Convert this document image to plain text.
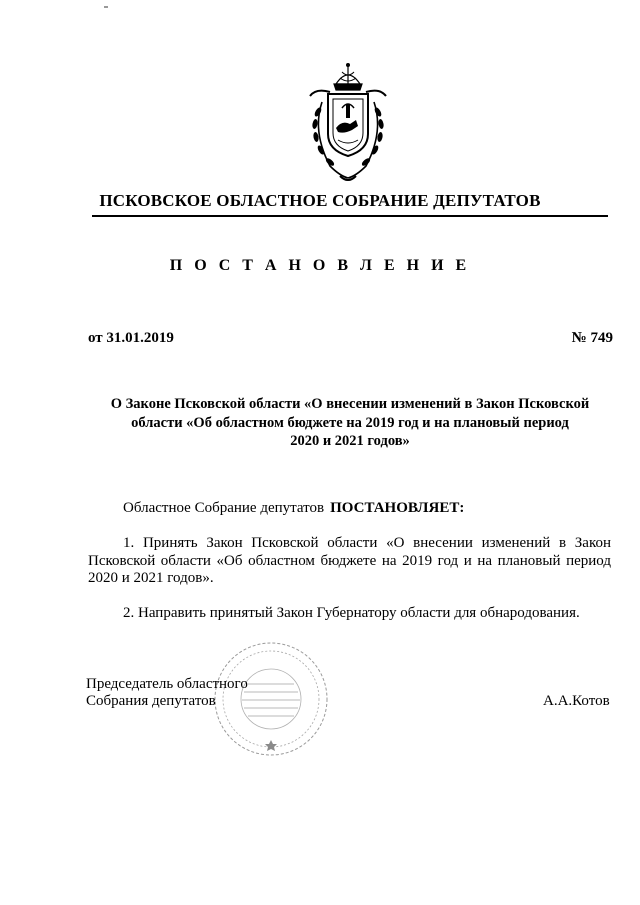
ПСКОВСКОЕ ОБЛАСТНОЕ СОБРАНИЕ ДЕПУТАТОВ
П О С Т А Н О В Л Е Н И Е
от 31.01.2019	№ 749
О Законе Псковской области «О внесении изменений в Закон Псковской
области «Об областном бюджете на 2019 год и на плановый период
2020 и 2021 годов»
Областное Собрание депутатов ПОСТАНОВЛЯЕТ:
1. Принять Закон Псковской области «О внесении изменений в Закон Псковской области «Об областном бюджете на 2019 год и на плановый период 2020 и 2021 годов».
2. Направить принятый Закон Губернатору области для обнародования.
Председатель областного
Собрания депутатов	А.А.Котов
